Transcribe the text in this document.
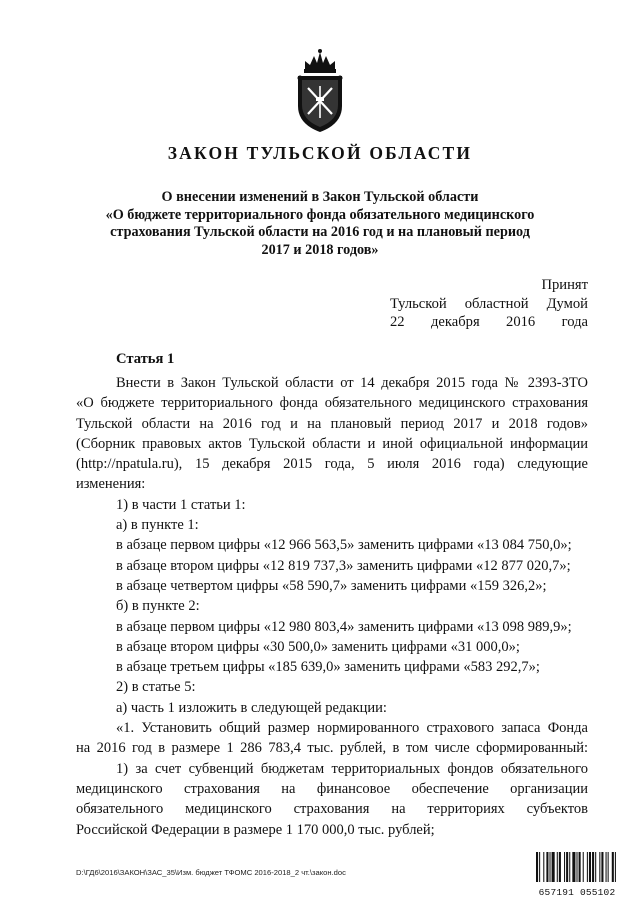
ЗАКОН ТУЛЬСКОЙ ОБЛАСТИ
О внесении изменений в Закон Тульской области
«О бюджете территориального фонда обязательного медицинского
страхования Тульской области на 2016 год и на плановый период
2017 и 2018 годов»
Принят
Тульской областной Думой
22 декабря 2016 года
Статья 1

Внести в Закон Тульской области от 14 декабря 2015 года № 2393-ЗТО

«О бюджете территориального фонда обязательного медицинского страхования

Тульской области на 2016 год и на плановый период 2017 и 2018 годов»

(Сборник правовых актов Тульской области и иной официальной информации

(http://npatula.ru), 15 декабря 2015 года, 5 июля 2016 года) следующие

изменения:

1) в части 1 статьи 1:

а) в пункте 1:

в абзаце первом цифры «12 966 563,5» заменить цифрами «13 084 750,0»;

в абзаце втором цифры «12 819 737,3» заменить цифрами «12 877 020,7»;

в абзаце четвертом цифры «58 590,7» заменить цифрами «159 326,2»;

б) в пункте 2:

в абзаце первом цифры «12 980 803,4» заменить цифрами «13 098 989,9»;

в абзаце втором цифры «30 500,0» заменить цифрами «31 000,0»;

в абзаце третьем цифры «185 639,0» заменить цифрами «583 292,7»;

2) в статье 5:

а) часть 1 изложить в следующей редакции:

«1. Установить общий размер нормированного страхового запаса Фонда

на 2016 год в размере 1 286 783,4 тыс. рублей, в том числе сформированный:

1) за счет субвенций бюджетам территориальных фондов обязательного

медицинского страхования на финансовое обеспечение организации

обязательного медицинского страхования на территориях субъектов

Российской Федерации в размере 1 170 000,0 тыс. рублей;

D:\ГД6\2016\ЗАКОН\ЗАС_35\Изм. бюджет ТФОМС 2016-2018_2 чт.\закон.doc
657191 055102
